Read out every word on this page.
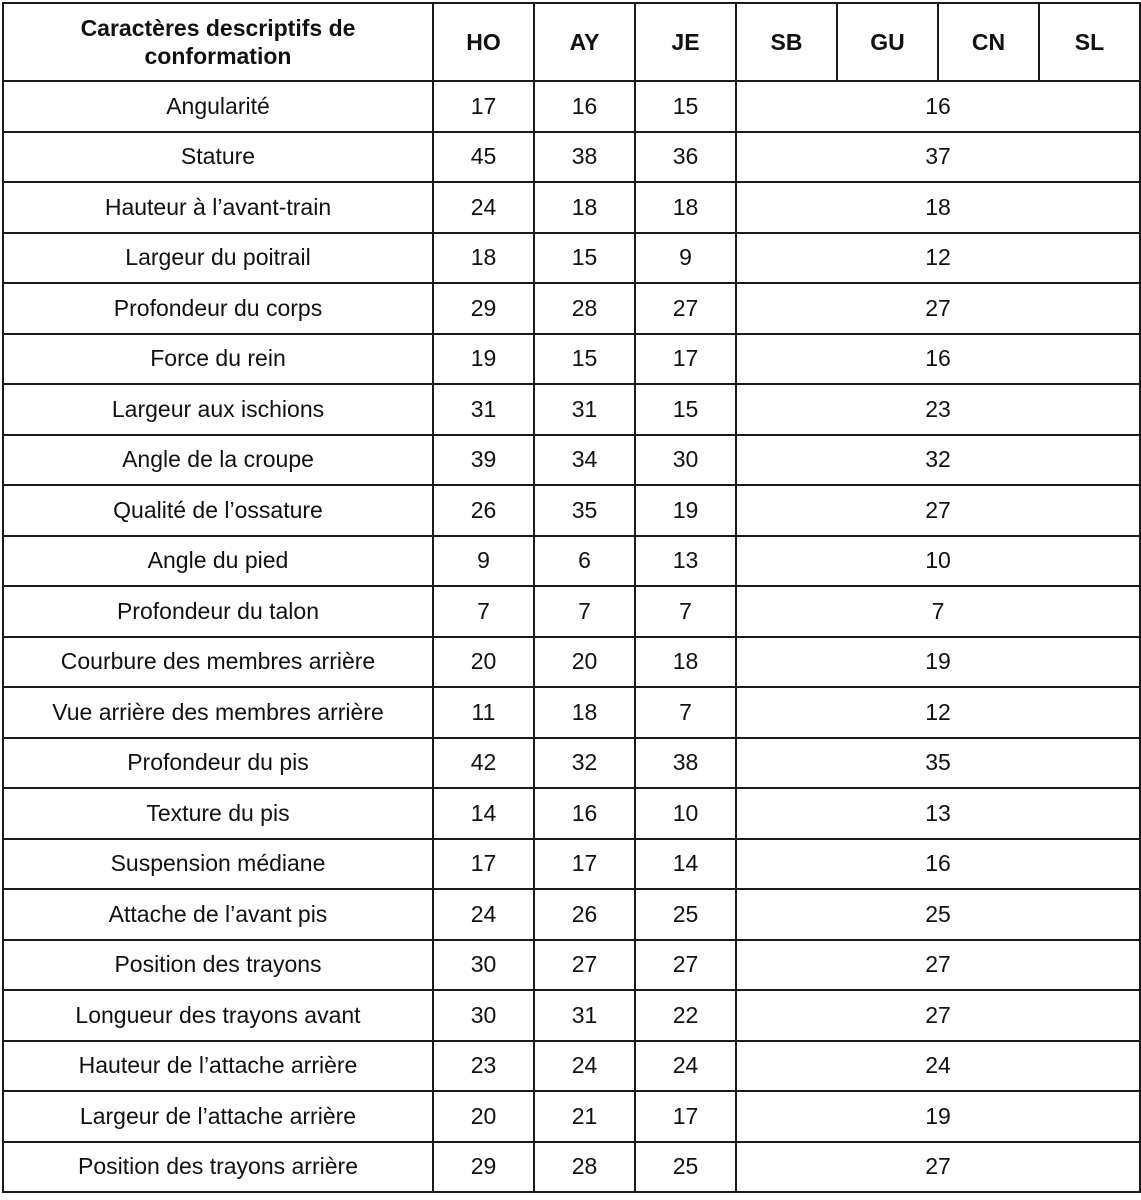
Caractères descriptifs de conformation	HO	AY	JE	SB	GU	CN	SL
Angularité	17	16	15	16			
Stature	45	38	36	37			
Hauteur à l’avant-train	24	18	18	18			
Largeur du poitrail	18	15	9	12			
Profondeur du corps	29	28	27	27			
Force du rein	19	15	17	16			
Largeur aux ischions	31	31	15	23			
Angle de la croupe	39	34	30	32			
Qualité de l’ossature	26	35	19	27			
Angle du pied	9	6	13	10			
Profondeur du talon	7	7	7	7			
Courbure des membres arrière	20	20	18	19			
Vue arrière des membres arrière	11	18	7	12			
Profondeur du pis	42	32	38	35			
Texture du pis	14	16	10	13			
Suspension médiane	17	17	14	16			
Attache de l’avant pis	24	26	25	25			
Position des trayons	30	27	27	27			
Longueur des trayons avant	30	31	22	27			
Hauteur de l’attache arrière	23	24	24	24			
Largeur de l’attache arrière	20	21	17	19			
Position des trayons arrière	29	28	25	27			
